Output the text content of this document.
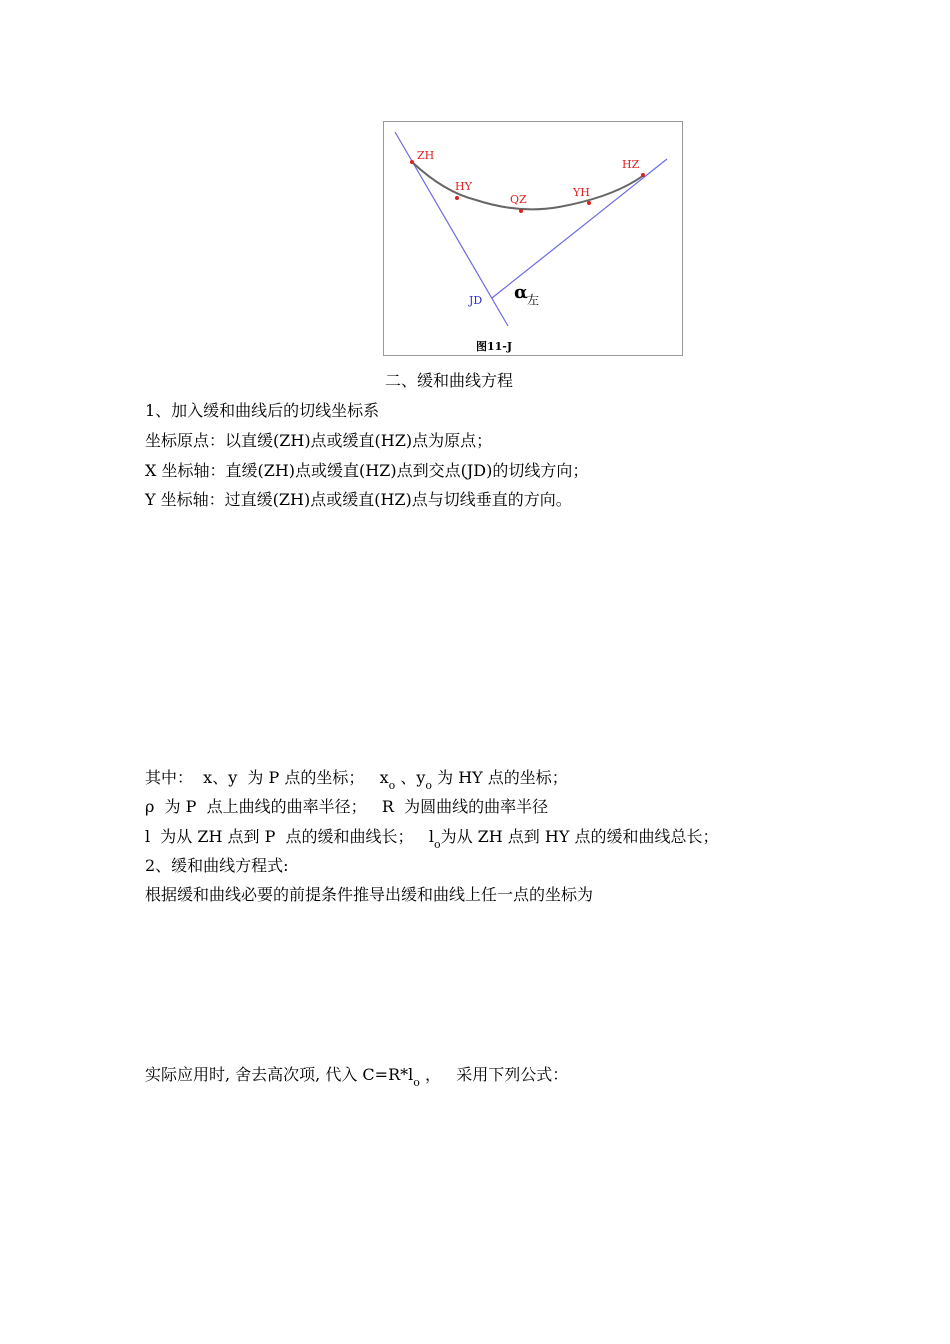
ZH
HY
QZ
YH
HZ
JD α 左
图11-J
二、缓和曲线方程
1、加入缓和曲线后的切线坐标系
坐标原点：以直缓(ZH)点或缓直(HZ)点为原点；
X 坐标轴：直缓(ZH)点或缓直(HZ)点到交点(JD)的切线方向；
Y 坐标轴：过直缓(ZH)点或缓直(HZ)点与切线垂直的方向。
其中：  x、y  为 P 点的坐标；   $x_o$ 、$y_o$ 为 HY 点的坐标；
ρ  为 P  点上曲线的曲率半径；   R  为圆曲线的曲率半径
l  为从 ZH 点到 P  点的缓和曲线长；   $l_o$为从 ZH 点到 HY 点的缓和曲线总长；
2、缓和曲线方程式:
根据缓和曲线必要的前提条件推导出缓和曲线上任一点的坐标为
实际应用时, 舍去高次项, 代入 $C=R*l_o$ ，   采用下列公式：
